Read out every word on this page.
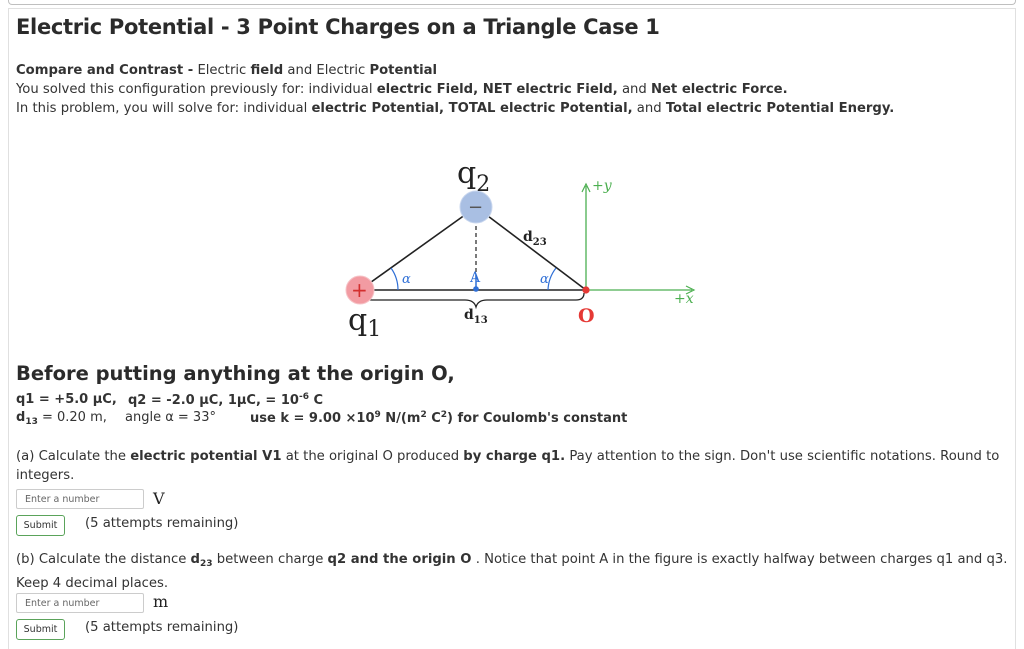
Electric Potential - 3 Point Charges on a Triangle Case 1
Compare and Contrast - Electric field and Electric Potential
You solved this configuration previously for: individual electric Field, NET electric Field, and Net electric Force.
In this problem, you will solve for: individual electric Potential, TOTAL electric Potential, and Total electric Potential Energy.
A
α	α
+y
+x
O
−
$q_2$
+
$q_1$
$d_{23}$
$d_{13}$
Before putting anything at the origin O,
q1 = +5.0 μC, q2 = -2.0 μC, 1μC, = $10^{-6}$ C
$d_{13} = 0.20$ m, angle α = 33°	use $k = 9.00 \times 10^9$ $N/(m^2$ $C^2$) for Coulomb's constant
(a) Calculate the electric potential V1 at the original O produced by charge q1. Pay attention to the sign. Don't use scientific notations. Round to integers.
Enter a number
V
Submit	(5 attempts remaining)
(b) Calculate the distance $d_{23}$ between charge q2 and the origin O . Notice that point A in the figure is exactly halfway between charges q1 and q3. Keep 4 decimal places.
Enter a number
m
Submit	(5 attempts remaining)
